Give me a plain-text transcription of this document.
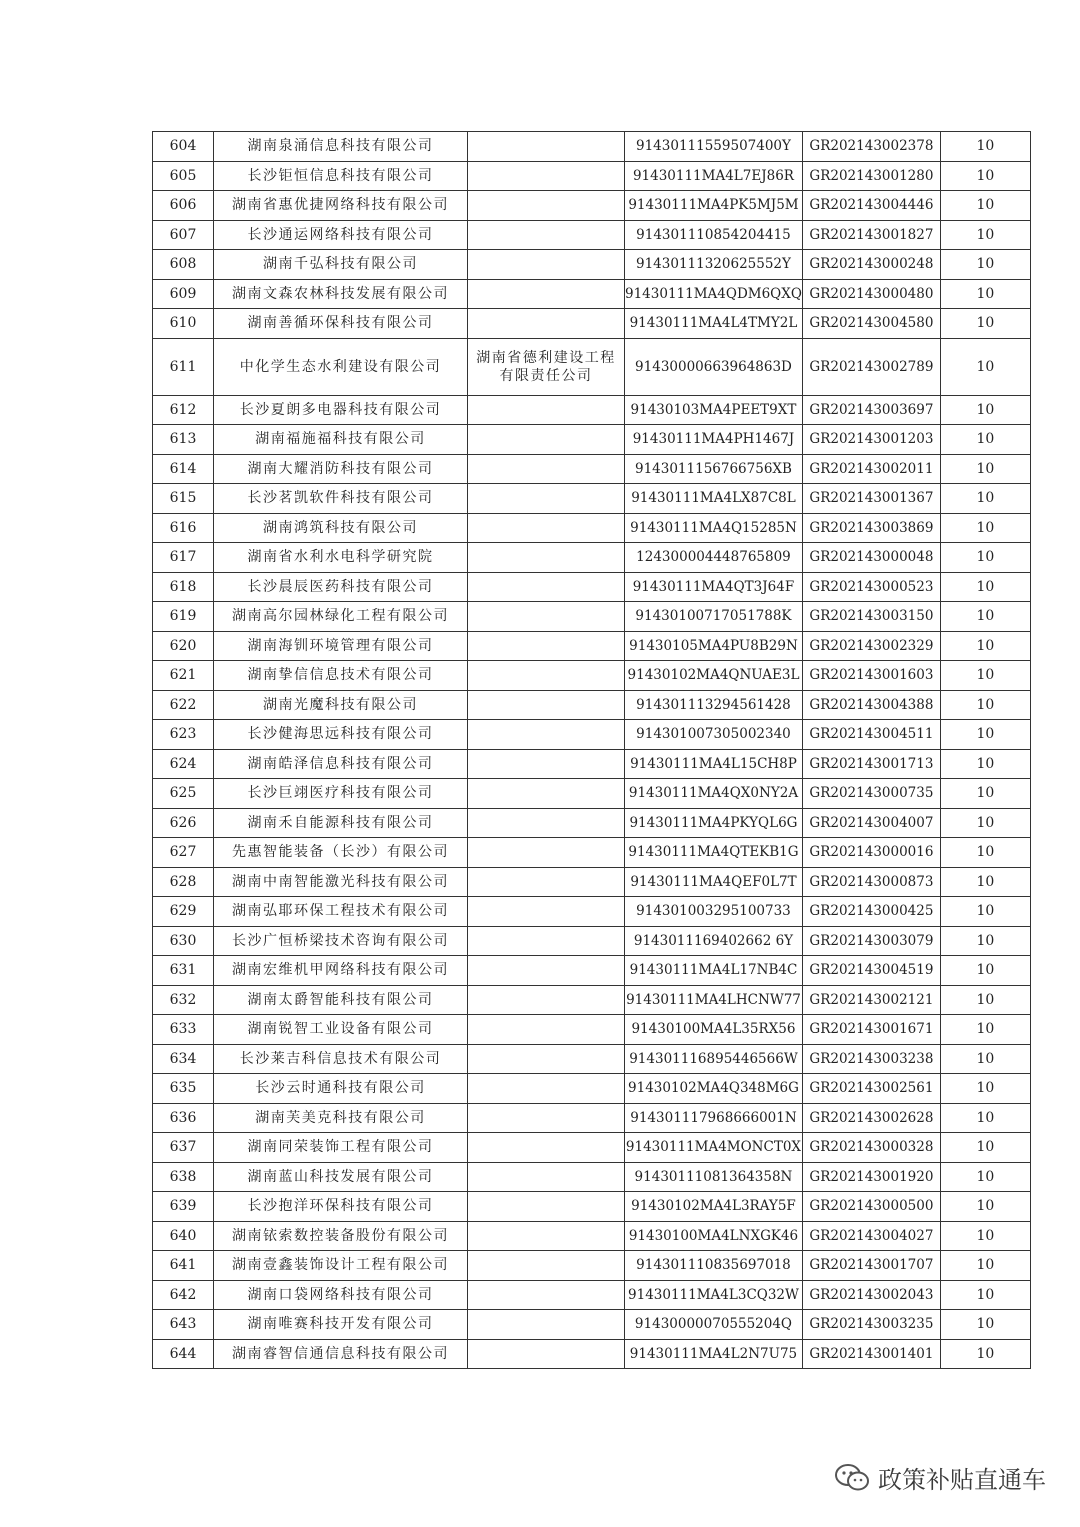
604	湖南泉涌信息科技有限公司		91430111559507400Y	GR202143002378	10
605	长沙钜恒信息科技有限公司		91430111MA4L7EJ86R	GR202143001280	10
606	湖南省惠优捷网络科技有限公司		91430111MA4PK5MJ5M	GR202143004446	10
607	长沙通运网络科技有限公司		914301110854204415	GR202143001827	10
608	湖南千弘科技有限公司		91430111320625552Y	GR202143000248	10
609	湖南文森农林科技发展有限公司		91430111MA4QDM6QXQ	GR202143000480	10
610	湖南善循环保科技有限公司		91430111MA4L4TMY2L	GR202143004580	10
611	中化学生态水利建设有限公司	湖南省德利建设工程有限责任公司	91430000663964863D	GR202143002789	10
612	长沙夏朗多电器科技有限公司		91430103MA4PEET9XT	GR202143003697	10
613	湖南福施福科技有限公司		91430111MA4PH1467J	GR202143001203	10
614	湖南大耀消防科技有限公司		9143011156766756XB	GR202143002011	10
615	长沙茗凯软件科技有限公司		91430111MA4LX87C8L	GR202143001367	10
616	湖南鸿筑科技有限公司		91430111MA4Q15285N	GR202143003869	10
617	湖南省水利水电科学研究院		124300004448765809	GR202143000048	10
618	长沙晨辰医药科技有限公司		91430111MA4QT3J64F	GR202143000523	10
619	湖南高尔园林绿化工程有限公司		91430100717051788K	GR202143003150	10
620	湖南海钏环境管理有限公司		91430105MA4PU8B29N	GR202143002329	10
621	湖南挚信信息技术有限公司		91430102MA4QNUAE3L	GR202143001603	10
622	湖南光魔科技有限公司		914301113294561428	GR202143004388	10
623	长沙健海思远科技有限公司		914301007305002340	GR202143004511	10
624	湖南皓泽信息科技有限公司		91430111MA4L15CH8P	GR202143001713	10
625	长沙巨翊医疗科技有限公司		91430111MA4QX0NY2A	GR202143000735	10
626	湖南禾自能源科技有限公司		91430111MA4PKYQL6G	GR202143004007	10
627	先惠智能装备（长沙）有限公司		91430111MA4QTEKB1G	GR202143000016	10
628	湖南中南智能激光科技有限公司		91430111MA4QEF0L7T	GR202143000873	10
629	湖南弘耶环保工程技术有限公司		914301003295100733	GR202143000425	10
630	长沙广恒桥梁技术咨询有限公司		9143011169402662 6Y	GR202143003079	10
631	湖南宏维机甲网络科技有限公司		91430111MA4L17NB4C	GR202143004519	10
632	湖南太爵智能科技有限公司		91430111MA4LHCNW77	GR202143002121	10
633	湖南锐智工业设备有限公司		91430100MA4L35RX56	GR202143001671	10
634	长沙莱吉科信息技术有限公司		914301116895446566W	GR202143003238	10
635	长沙云时通科技有限公司		91430102MA4Q348M6G	GR202143002561	10
636	湖南芙美克科技有限公司		914301117968666001N	GR202143002628	10
637	湖南同荣装饰工程有限公司		91430111MA4MONCT0X	GR202143000328	10
638	湖南蓝山科技发展有限公司		91430111081364358N	GR202143001920	10
639	长沙抱洋环保科技有限公司		91430102MA4L3RAY5F	GR202143000500	10
640	湖南铱索数控装备股份有限公司		91430100MA4LNXGK46	GR202143004027	10
641	湖南壹鑫装饰设计工程有限公司		914301110835697018	GR202143001707	10
642	湖南口袋网络科技有限公司		91430111MA4L3CQ32W	GR202143002043	10
643	湖南唯赛科技开发有限公司		91430000070555204Q	GR202143003235	10
644	湖南睿智信通信息科技有限公司		91430111MA4L2N7U75	GR202143001401	10
政策补贴直通车
